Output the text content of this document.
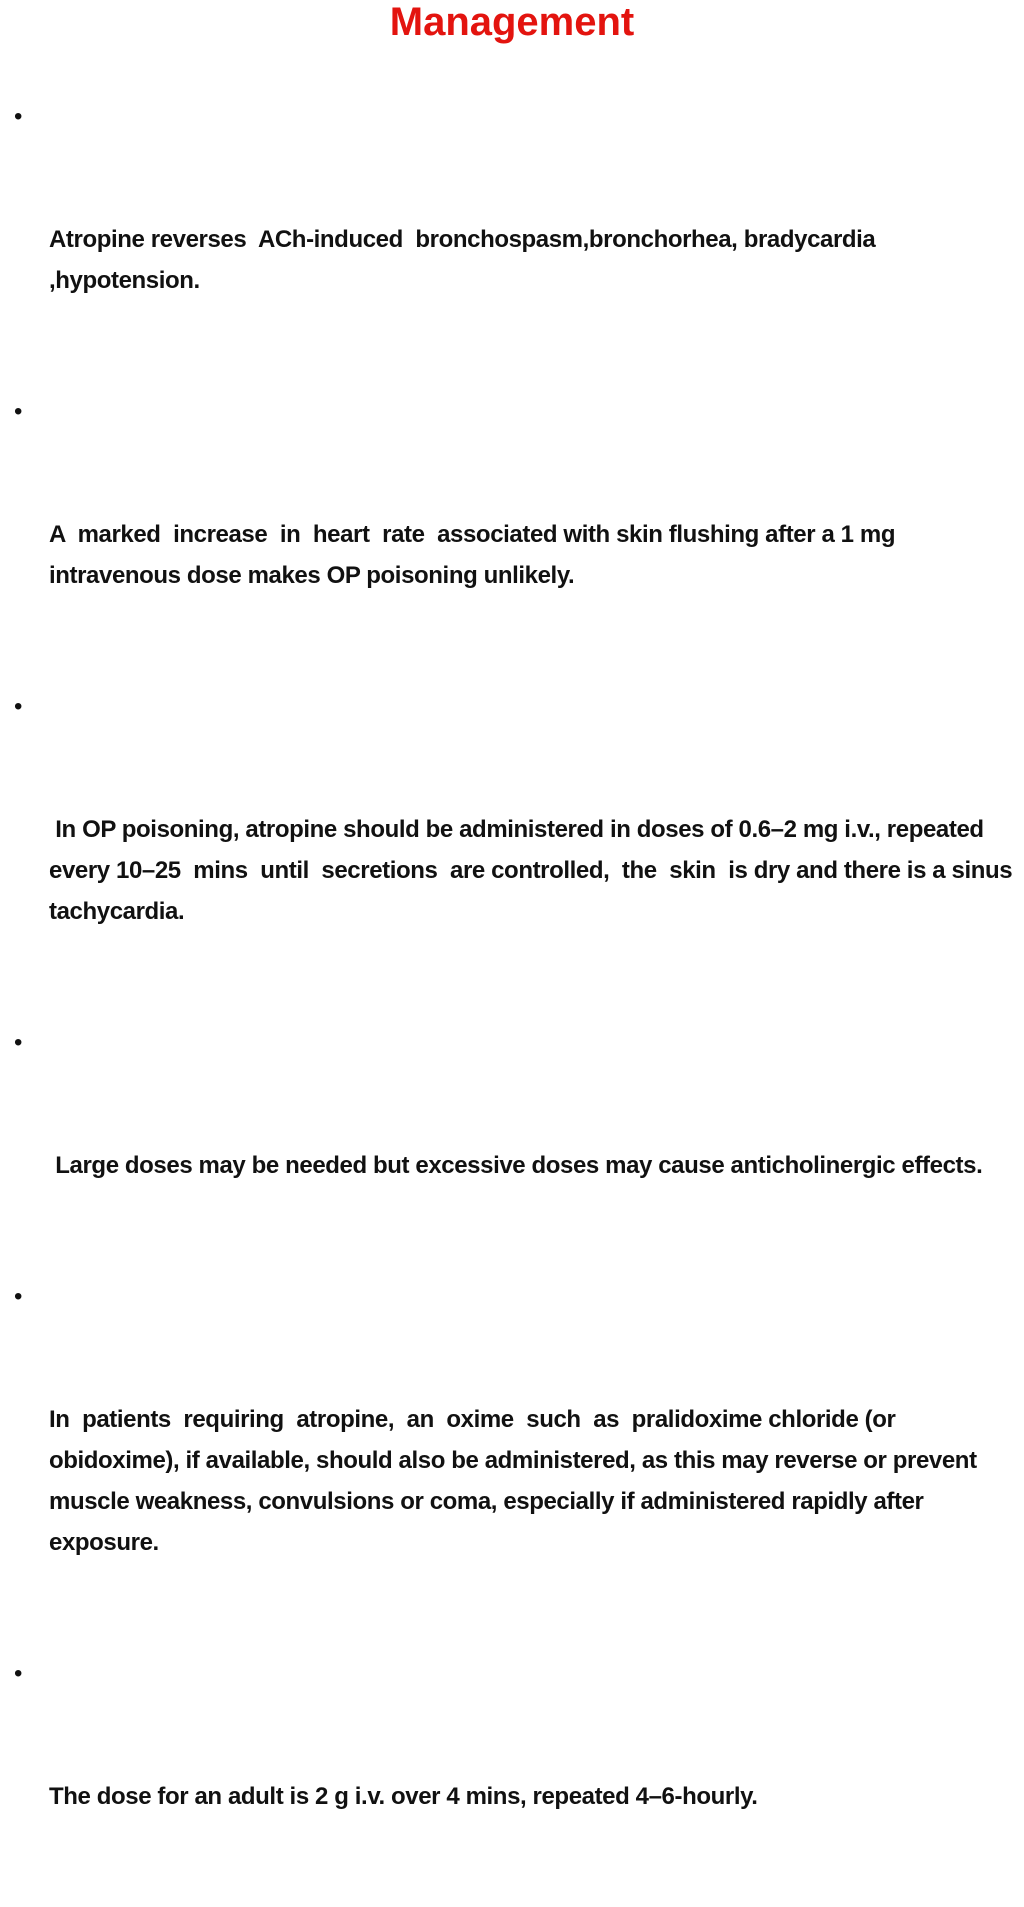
Management

•

Atropine reverses  ACh-induced  bronchospasm,bronchorhea, bradycardia ,hypotension.

•

A  marked  increase  in  heart  rate  associated with skin flushing after a 1 mg intravenous dose makes OP poisoning unlikely.

•

In OP poisoning, atropine should be administered in doses of 0.6–2 mg i.v., repeated every 10–25  mins  until  secretions  are controlled,  the  skin  is dry and there is a sinus tachycardia.

•

Large doses may be needed but excessive doses may cause anticholinergic effects.

•

In  patients  requiring  atropine,  an  oxime  such  as  pralidoxime chloride (or obidoxime), if available, should also be administered, as this may reverse or prevent muscle weakness, convulsions or coma, especially if administered rapidly after exposure.

•

The dose for an adult is 2 g i.v. over 4 mins, repeated 4–6-hourly.
